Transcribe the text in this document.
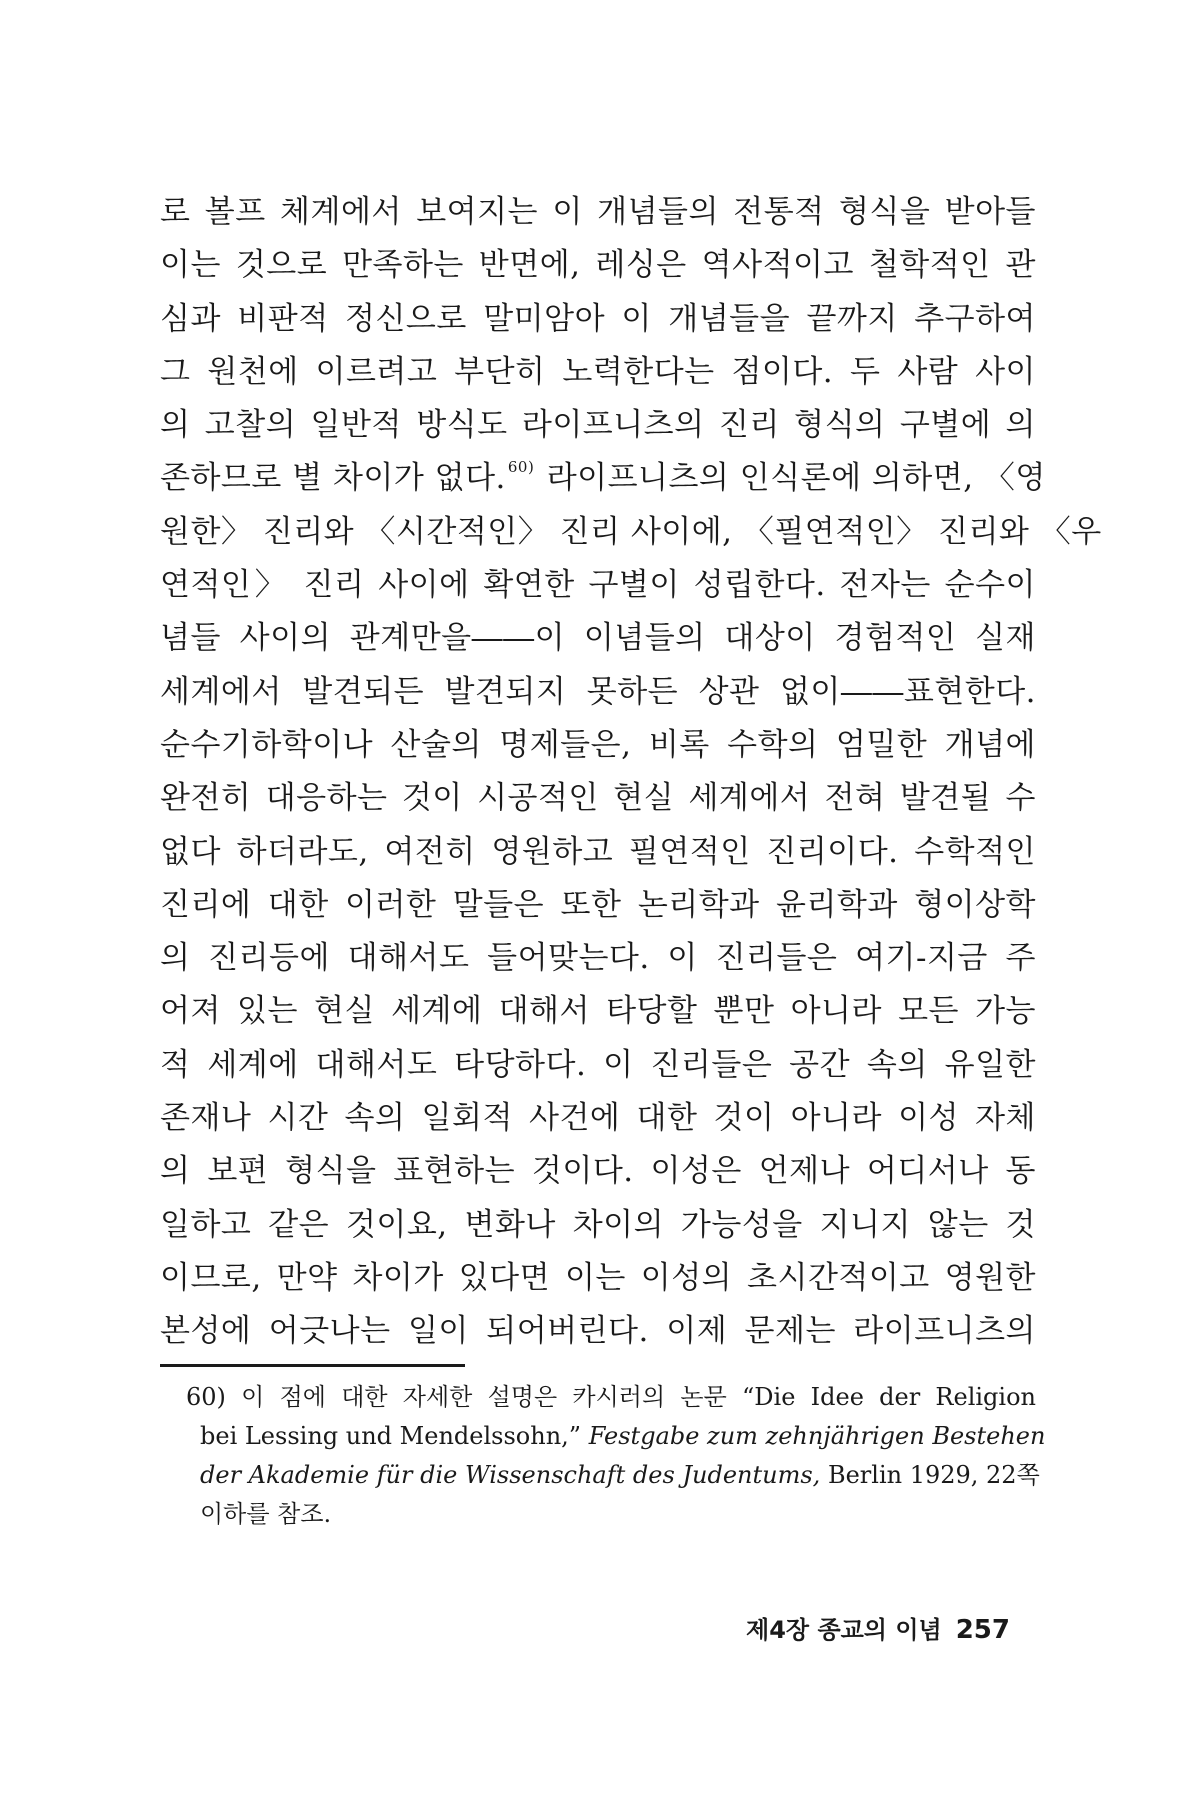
로 볼프 체계에서 보여지는 이 개념들의 전통적 형식을 받아들
이는 것으로 만족하는 반면에, 레싱은 역사적이고 철학적인 관
심과 비판적 정신으로 말미암아 이 개념들을 끝까지 추구하여
그 원천에 이르려고 부단히 노력한다는 점이다. 두 사람 사이
의 고찰의 일반적 방식도 라이프니츠의 진리 형식의 구별에 의
존하므로 별 차이가 없다. $^{60)}$ 라이프니츠의 인식론에 의하면, 〈영
원한〉 진리와 〈시간적인〉 진리 사이에, 〈필연적인〉 진리와 〈우
연적인〉 진리 사이에 확연한 구별이 성립한다. 전자는 순수이
념들 사이의 관계만을――이 이념들의 대상이 경험적인 실재
세계에서 발견되든 발견되지 못하든 상관 없이――표현한다.
순수기하학이나 산술의 명제들은, 비록 수학의 엄밀한 개념에
완전히 대응하는 것이 시공적인 현실 세계에서 전혀 발견될 수
없다 하더라도, 여전히 영원하고 필연적인 진리이다. 수학적인
진리에 대한 이러한 말들은 또한 논리학과 윤리학과 형이상학
의 진리등에 대해서도 들어맞는다. 이 진리들은 여기-지금 주
어져 있는 현실 세계에 대해서 타당할 뿐만 아니라 모든 가능
적 세계에 대해서도 타당하다. 이 진리들은 공간 속의 유일한
존재나 시간 속의 일회적 사건에 대한 것이 아니라 이성 자체
의 보편 형식을 표현하는 것이다. 이성은 언제나 어디서나 동
일하고 같은 것이요, 변화나 차이의 가능성을 지니지 않는 것
이므로, 만약 차이가 있다면 이는 이성의 초시간적이고 영원한
본성에 어긋나는 일이 되어버린다. 이제 문제는 라이프니츠의
60) 이 점에 대한 자세한 설명은 카시러의 논문 “Die Idee der Religion
bei Lessing und Mendelssohn,” Festgabe zum zehnjährigen Bestehen
der Akademie für die Wissenschaft des Judentums, Berlin 1929, 22쪽
이하를 참조.
제4장 종교의 이념 257
